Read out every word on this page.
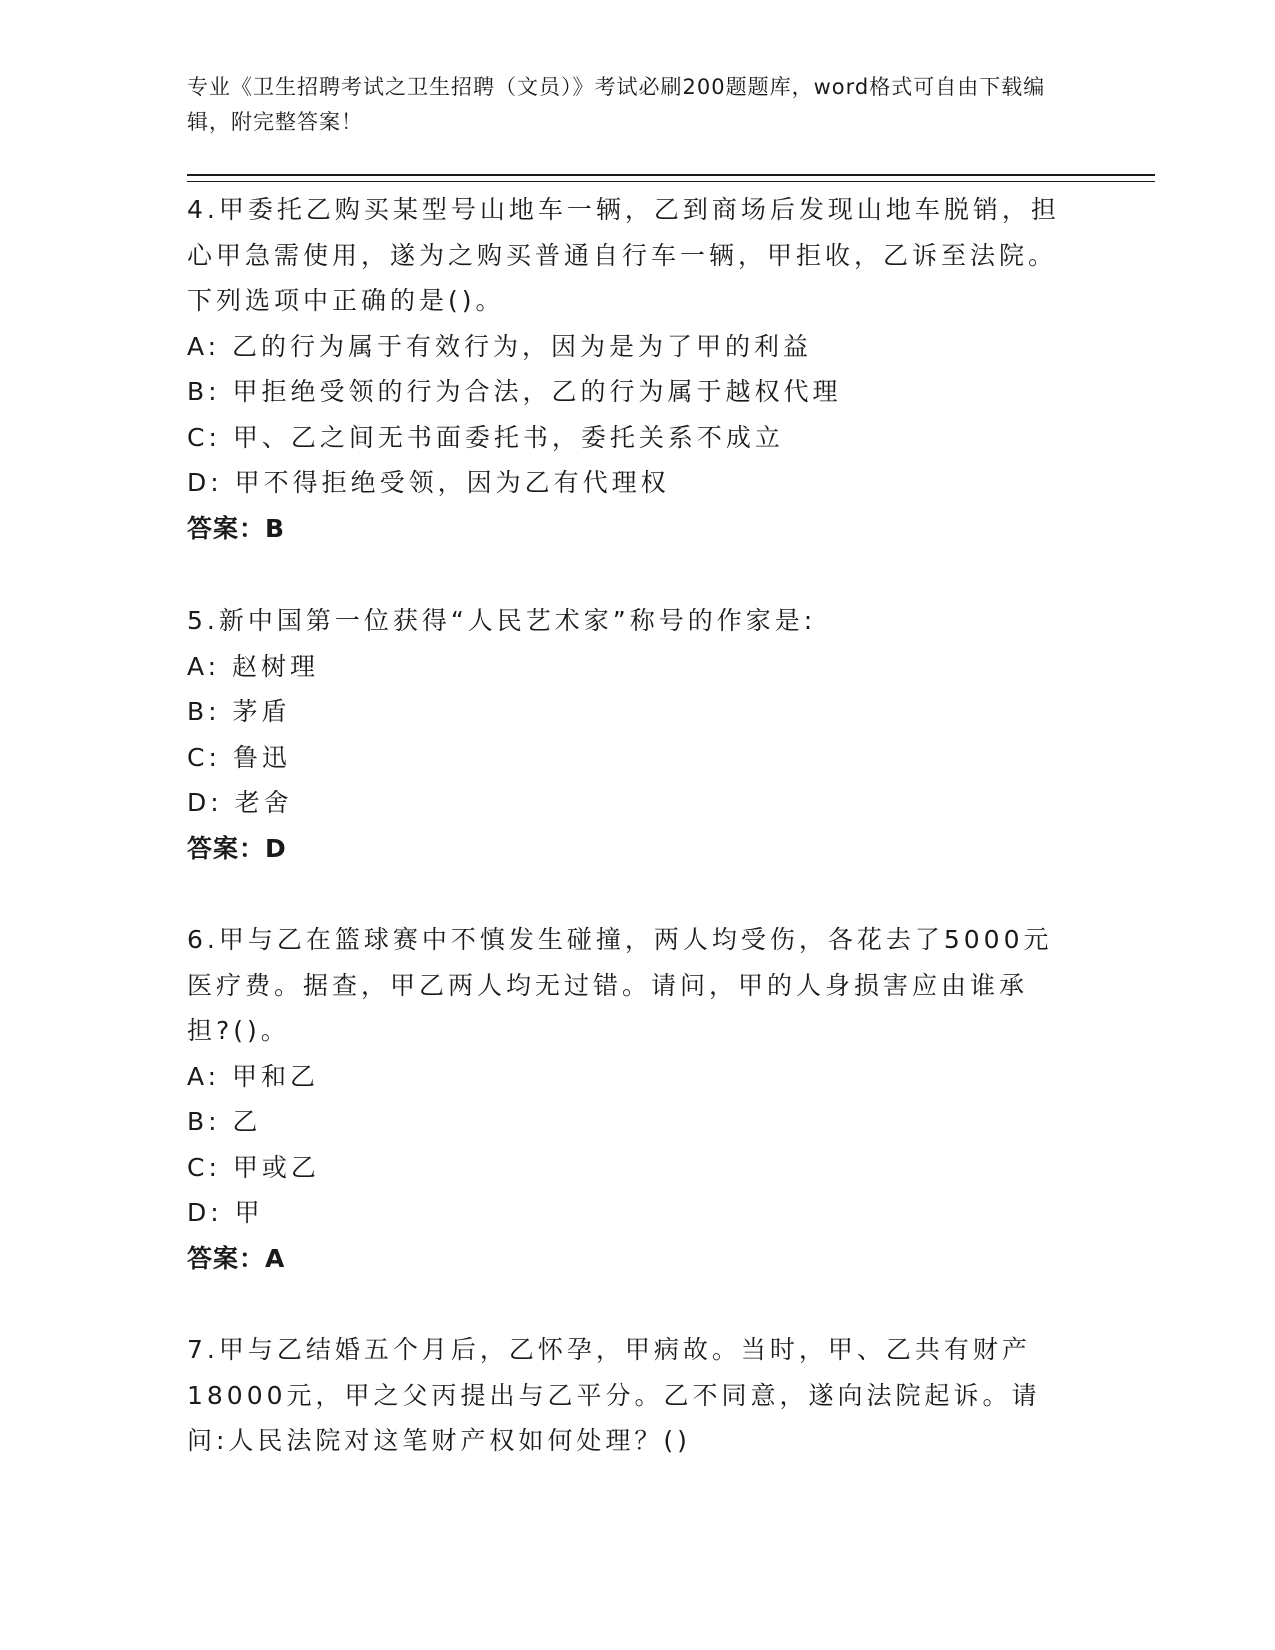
专业《卫生招聘考试之卫生招聘（文员）》考试必刷200题题库，word格式可自由下载编辑，附完整答案！
4.甲委托乙购买某型号山地车一辆，乙到商场后发现山地车脱销，担心甲急需使用，遂为之购买普通自行车一辆，甲拒收，乙诉至法院。下列选项中正确的是()。
A: 乙的行为属于有效行为，因为是为了甲的利益
B: 甲拒绝受领的行为合法，乙的行为属于越权代理
C: 甲、乙之间无书面委托书，委托关系不成立
D: 甲不得拒绝受领，因为乙有代理权
答案：B
5.新中国第一位获得“人民艺术家”称号的作家是:
A: 赵树理
B: 茅盾
C: 鲁迅
D: 老舍
答案：D
6.甲与乙在篮球赛中不慎发生碰撞，两人均受伤，各花去了5000元医疗费。据查，甲乙两人均无过错。请问，甲的人身损害应由谁承担?()。
A: 甲和乙
B: 乙
C: 甲或乙
D: 甲
答案：A
7.甲与乙结婚五个月后，乙怀孕，甲病故。当时，甲、乙共有财产18000元，甲之父丙提出与乙平分。乙不同意，遂向法院起诉。请问:人民法院对这笔财产权如何处理？()
